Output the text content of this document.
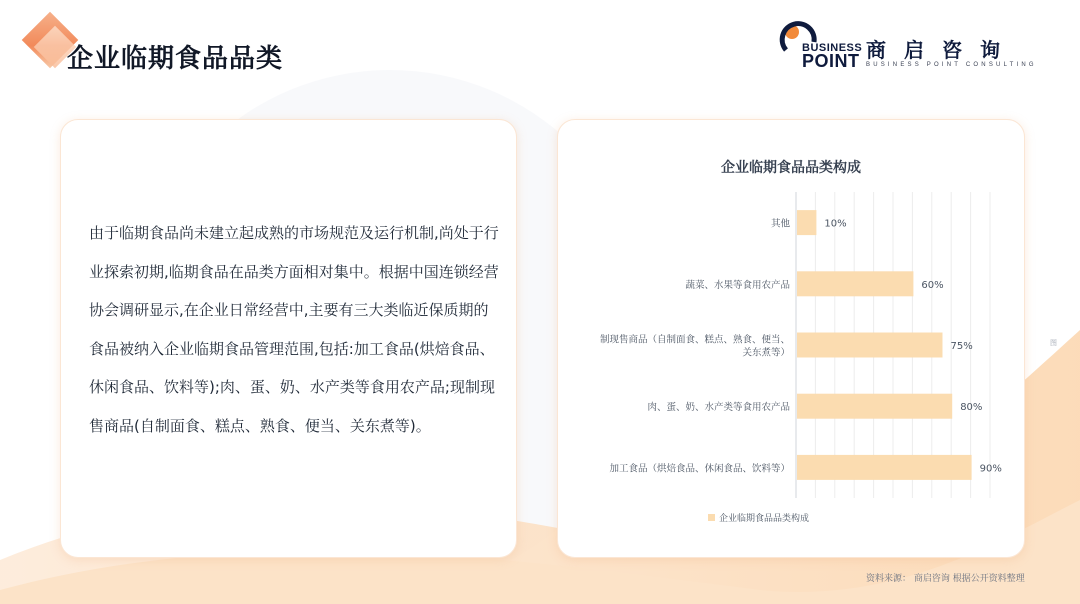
企业临期食品品类	BUSINESS
POINT 商启咨询
BUSINESS POINT CONSULTING

由于临期食品尚未建立起成熟的市场规范及运行机制,尚处于行业探索初期,临期食品在品类方面相对集中。根据中国连锁经营协会调研显示,在企业日常经营中,主要有三大类临近保质期的食品被纳入企业临期食品管理范围,包括:加工食品(烘焙食品、休闲食品、饮料等);肉、蛋、奶、水产类等食用农产品;现制现售商品(自制面食、糕点、熟食、便当、关东煮等)。

企业临期食品品类构成
其他
蔬菜、水果等食用农产品
制现售商品（自制面食、糕点、熟食、便当、
关东煮等）
肉、蛋、奶、水产类等食用农产品
加工食品（烘焙食品、休闲食品、饮料等）
10%
60%
75%
80%
90%
企业临期食品品类构成
资料来源： 商启咨询 根据公开资料整理
图
